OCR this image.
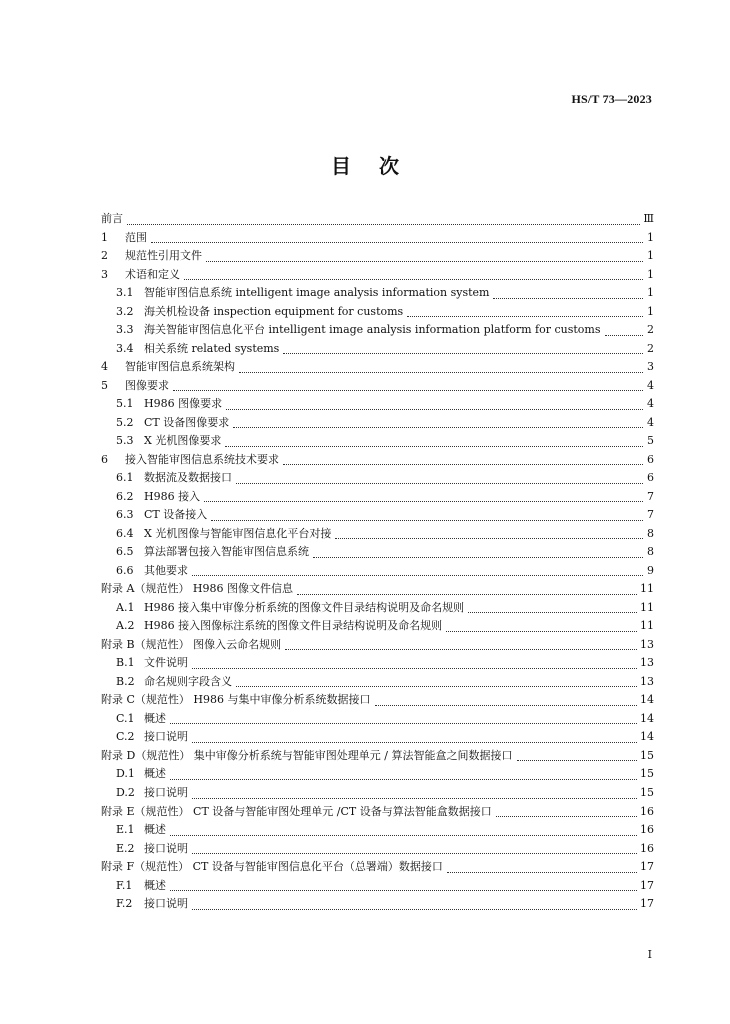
HS/T 73—2023
目次
前言	Ⅲ
1 范围	1
2 规范性引用文件	1
3 术语和定义	1
3.1 智能审图信息系统 intelligent image analysis information system	1
3.2 海关机检设备 inspection equipment for customs	1
3.3 海关智能审图信息化平台 intelligent image analysis information platform for customs	2
3.4 相关系统 related systems	2
4 智能审图信息系统架构	3
5 图像要求	4
5.1 H986 图像要求	4
5.2 CT 设备图像要求	4
5.3 X 光机图像要求	5
6 接入智能审图信息系统技术要求	6
6.1 数据流及数据接口	6
6.2 H986 接入	7
6.3 CT 设备接入	7
6.4 X 光机图像与智能审图信息化平台对接	8
6.5 算法部署包接入智能审图信息系统	8
6.6 其他要求	9
附录 A（规范性） H986 图像文件信息	11
A.1 H986 接入集中审像分析系统的图像文件目录结构说明及命名规则	11
A.2 H986 接入图像标注系统的图像文件目录结构说明及命名规则	11
附录 B（规范性） 图像入云命名规则	13
B.1 文件说明	13
B.2 命名规则字段含义	13
附录 C（规范性） H986 与集中审像分析系统数据接口	14
C.1 概述	14
C.2 接口说明	14
附录 D（规范性） 集中审像分析系统与智能审图处理单元 / 算法智能盒之间数据接口	15
D.1 概述	15
D.2 接口说明	15
附录 E（规范性） CT 设备与智能审图处理单元 /CT 设备与算法智能盒数据接口	16
E.1 概述	16
E.2 接口说明	16
附录 F（规范性） CT 设备与智能审图信息化平台（总署端）数据接口	17
F.1 概述	17
F.2 接口说明	17
I
